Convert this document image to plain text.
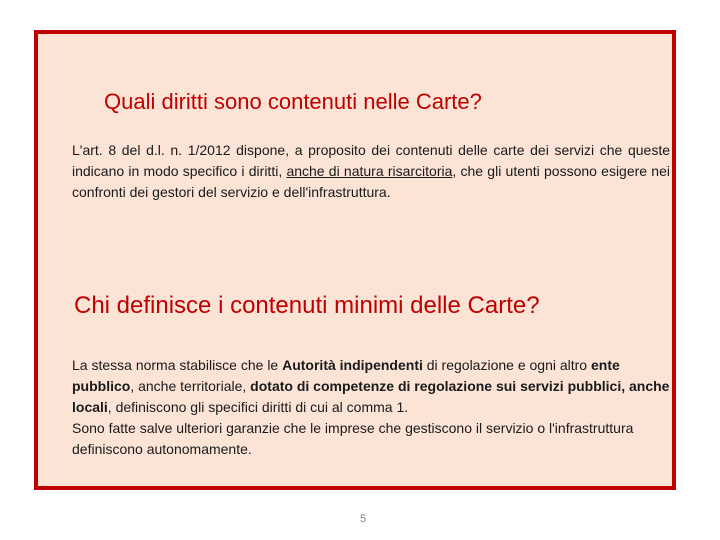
Quali diritti sono contenuti nelle Carte?

L'art. 8 del d.l. n. 1/2012 dispone, a proposito dei contenuti delle carte dei servizi che queste indicano in modo specifico i diritti, anche di natura risarcitoria, che gli utenti possono esigere nei confronti dei gestori del servizio e dell'infrastruttura.

Chi definisce i contenuti minimi delle Carte?

La stessa norma stabilisce che le Autorità indipendenti di regolazione e ogni altro ente pubblico, anche territoriale, dotato di competenze di regolazione sui servizi pubblici, anche locali, definiscono gli specifici diritti di cui al comma 1.
Sono fatte salve ulteriori garanzie che le imprese che gestiscono il servizio o l'infrastruttura definiscono autonomamente.

5
